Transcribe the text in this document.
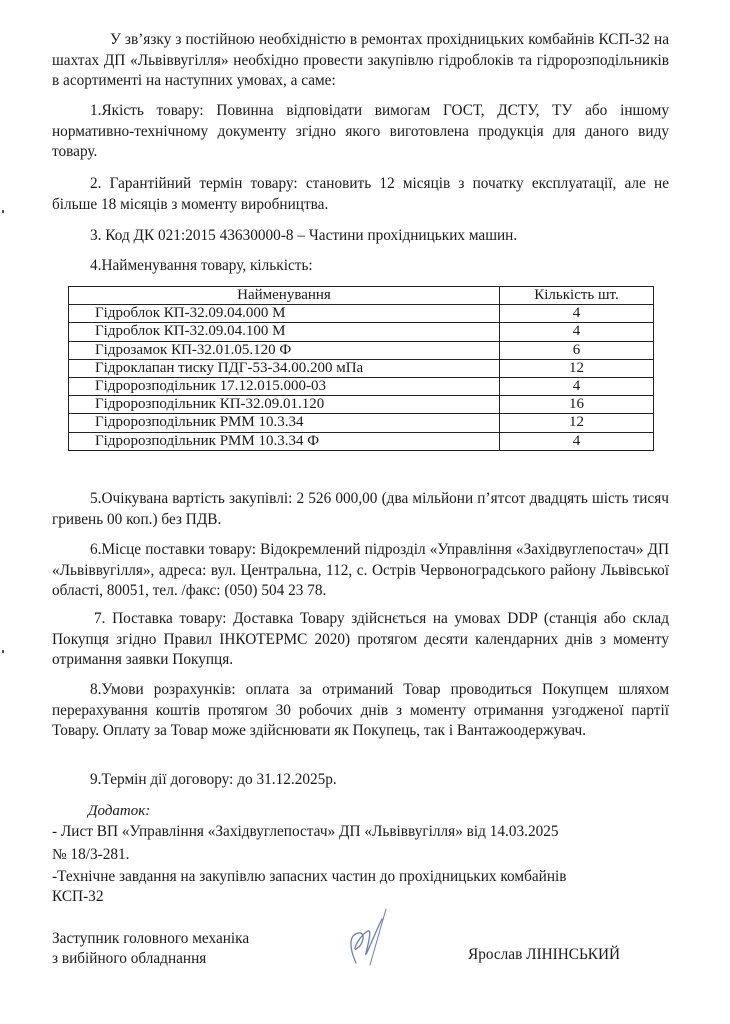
У зв’язку з постійною необхідністю в ремонтах прохідницьких комбайнів КСП-32 на шахтах ДП «Львіввугілля» необхідно провести закупівлю гідроблоків та гідророзподільників в асортименті на наступних умовах, а саме:
1.Якість товару: Повинна відповідати вимогам ГОСТ, ДСТУ, ТУ або іншому нормативно-технічному документу згідно якого виготовлена продукція для даного виду товару.
2. Гарантійний термін товару: становить 12 місяців з початку експлуатації, але не більше 18 місяців з моменту виробництва.
3. Код ДК 021:2015 43630000-8 – Частини прохідницьких машин.
4.Найменування товару, кількість:
Найменування	Кількість шт.
Гідроблок КП-32.09.04.000 М	4
Гідроблок КП-32.09.04.100 М	4
Гідрозамок КП-32.01.05.120 Ф	6
Гідроклапан тиску ПДГ-53-34.00.200 мПа	12
Гідророзподільник 17.12.015.000-03	4
Гідророзподільник КП-32.09.01.120	16
Гідророзподільник РММ 10.3.34	12
Гідророзподільник РММ 10.3.34 Ф	4
5.Очікувана вартість закупівлі: 2 526 000,00 (два мільйони п’ятсот двадцять шість тисяч гривень 00 коп.) без ПДВ.
6.Місце поставки товару: Відокремлений підрозділ «Управління «Західвуглепостач» ДП «Львіввугілля», адреса: вул. Центральна, 112, с. Острів Червоноградського району Львівської області, 80051, тел. /факс: (050) 504 23 78.
7. Поставка товару: Доставка Товару здійснється на умовах DDP (станція або склад Покупця згідно Правил ІНКОТЕРМС 2020) протягом десяти календарних днів з моменту отримання заявки Покупця.
8.Умови розрахунків: оплата за отриманий Товар проводиться Покупцем шляхом перерахування коштів протягом 30 робочих днів з моменту отримання узгодженої партії Товару. Оплату за Товар може здійснювати як Покупець, так і Вантажоодержувач.
9.Термін дії договору: до 31.12.2025р.
Додаток:
- Лист ВП «Управління «Західвуглепостач» ДП «Львіввугілля» від 14.03.2025
№ 18/3-281.
-Технічне завдання на закупівлю запасних частин до прохідницьких комбайнів
КСП-32
Заступник головного механіка
з вибійного обладнання	Ярослав ЛІНІНСЬКИЙ
